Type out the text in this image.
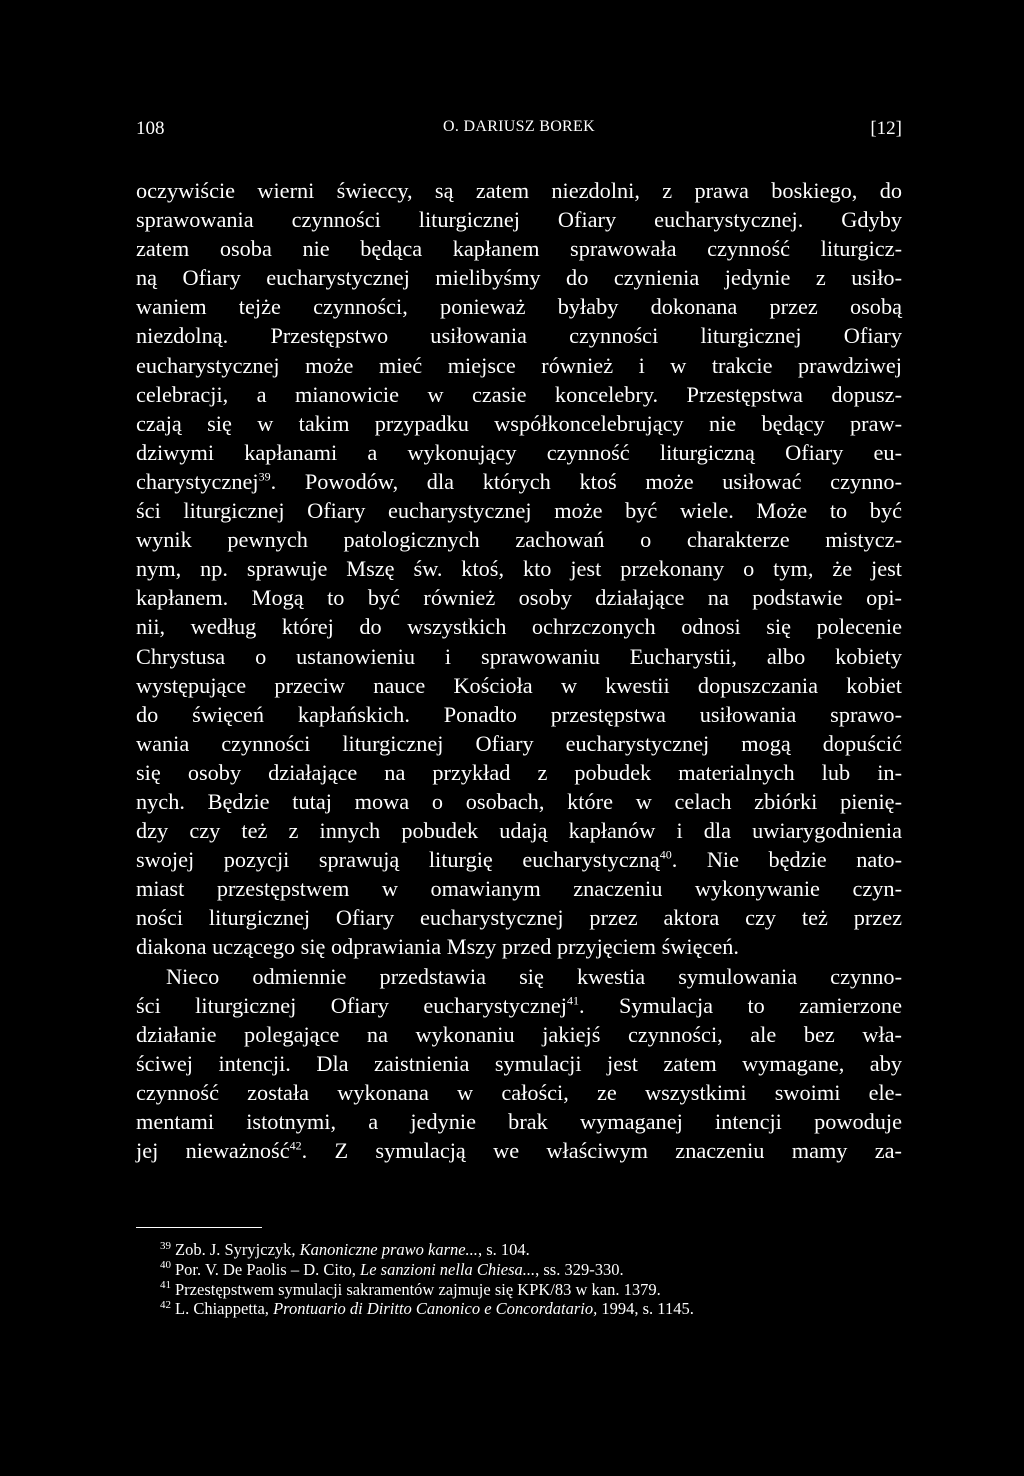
108	O. DARIUSZ BOREK	[12]
oczywiście wierni świeccy, są zatem niezdolni, z prawa boskiego, do
sprawowania czynności liturgicznej Ofiary eucharystycznej. Gdyby
zatem osoba nie będąca kapłanem sprawowała czynność liturgicz-
ną Ofiary eucharystycznej mielibyśmy do czynienia jedynie z usiło-
waniem tejże czynności, ponieważ byłaby dokonana przez osobą
niezdolną. Przestępstwo usiłowania czynności liturgicznej Ofiary
eucharystycznej może mieć miejsce również i w trakcie prawdziwej
celebracji, a mianowicie w czasie koncelebry. Przestępstwa dopusz-
czają się w takim przypadku współkoncelebrujący nie będący praw-
dziwymi kapłanami a wykonujący czynność liturgiczną Ofiary eu-
charystycznej$^{39}$. Powodów, dla których ktoś może usiłować czynno-
ści liturgicznej Ofiary eucharystycznej może być wiele. Może to być
wynik pewnych patologicznych zachowań o charakterze mistycz-
nym, np. sprawuje Mszę św. ktoś, kto jest przekonany o tym, że jest
kapłanem. Mogą to być również osoby działające na podstawie opi-
nii, według której do wszystkich ochrzczonych odnosi się polecenie
Chrystusa o ustanowieniu i sprawowaniu Eucharystii, albo kobiety
występujące przeciw nauce Kościoła w kwestii dopuszczania kobiet
do święceń kapłańskich. Ponadto przestępstwa usiłowania sprawo-
wania czynności liturgicznej Ofiary eucharystycznej mogą dopuścić
się osoby działające na przykład z pobudek materialnych lub in-
nych. Będzie tutaj mowa o osobach, które w celach zbiórki pienię-
dzy czy też z innych pobudek udają kapłanów i dla uwiarygodnienia
swojej pozycji sprawują liturgię eucharystyczną$^{40}$. Nie będzie nato-
miast przestępstwem w omawianym znaczeniu wykonywanie czyn-
ności liturgicznej Ofiary eucharystycznej przez aktora czy też przez
diakona uczącego się odprawiania Mszy przed przyjęciem święceń.
Nieco odmiennie przedstawia się kwestia symulowania czynno-
ści liturgicznej Ofiary eucharystycznej$^{41}$. Symulacja to zamierzone
działanie polegające na wykonaniu jakiejś czynności, ale bez wła-
ściwej intencji. Dla zaistnienia symulacji jest zatem wymagane, aby
czynność została wykonana w całości, ze wszystkimi swoimi ele-
mentami istotnymi, a jedynie brak wymaganej intencji powoduje
jej nieważność$^{42}$. Z symulacją we właściwym znaczeniu mamy za-
$^{39}$ Zob. J. Syryjczyk, Kanoniczne prawo karne..., s. 104.
$^{40}$ Por. V. De Paolis – D. Cito, Le sanzioni nella Chiesa..., ss. 329-330.
$^{41}$ Przestępstwem symulacji sakramentów zajmuje się KPK/83 w kan. 1379.
$^{42}$ L. Chiappetta, Prontuario di Diritto Canonico e Concordatario, 1994, s. 1145.
